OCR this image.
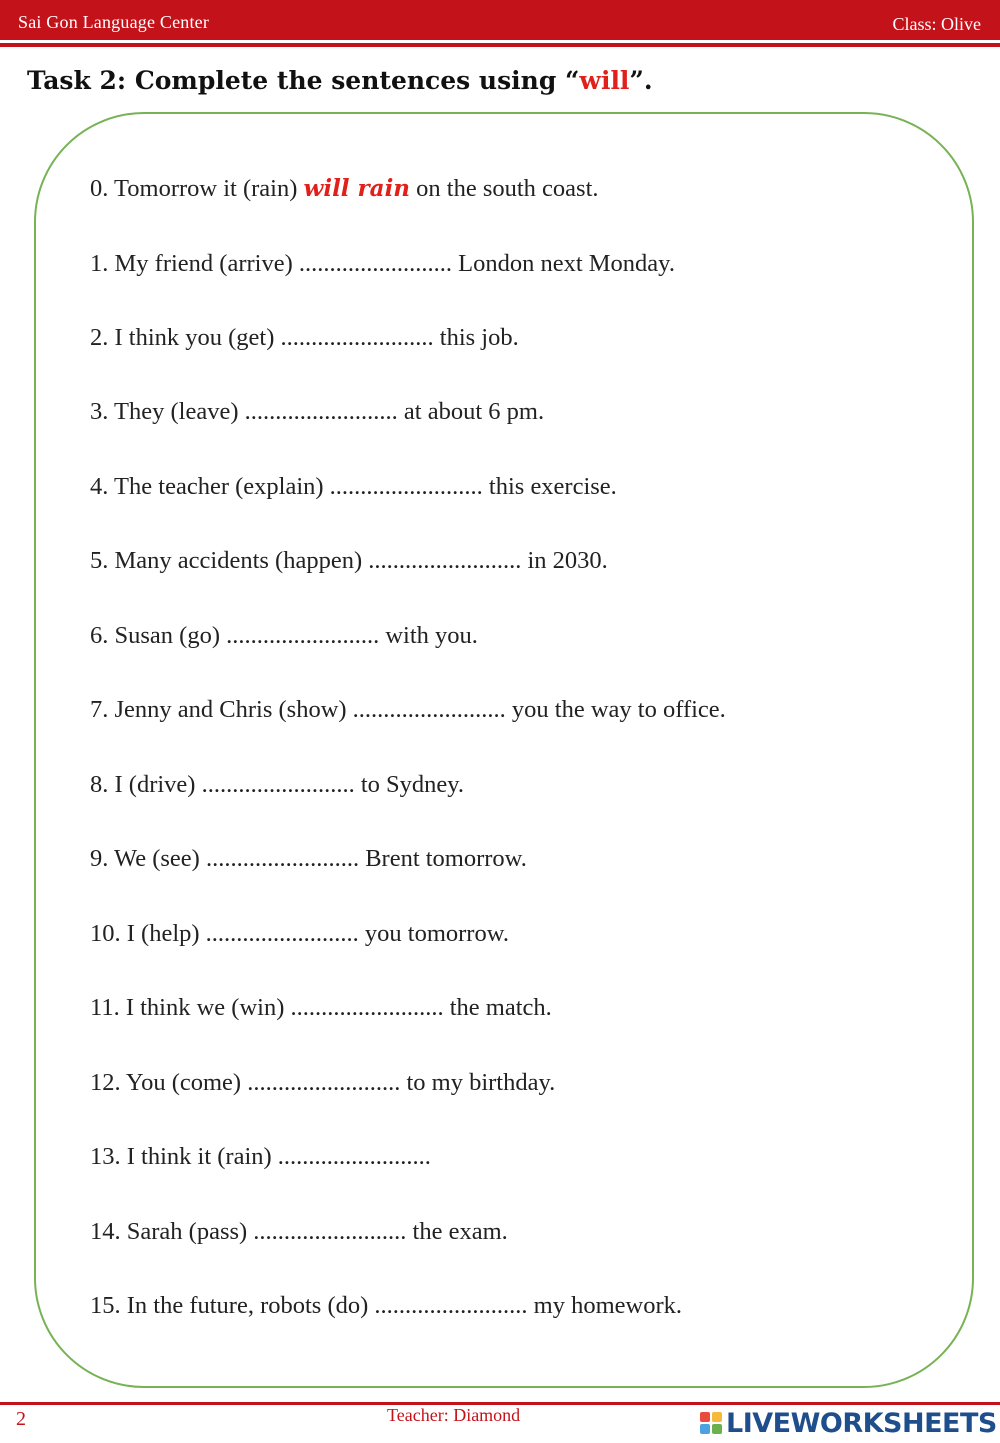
Sai Gon Language Center	Class: Olive
Task 2: Complete the sentences using “will”.
0. Tomorrow it (rain) will rain on the south coast.
1. My friend (arrive) ......................... London next Monday.
2. I think you (get) ......................... this job.
3. They (leave) ......................... at about 6 pm.
4. The teacher (explain) ......................... this exercise.
5. Many accidents (happen) ......................... in 2030.
6. Susan (go) ......................... with you.
7. Jenny and Chris (show) ......................... you the way to office.
8. I (drive) ......................... to Sydney.
9. We (see) ......................... Brent tomorrow.
10. I (help) ......................... you tomorrow.
11. I think we (win) ......................... the match.
12. You (come) ......................... to my birthday.
13. I think it (rain) .........................
14. Sarah (pass) ......................... the exam.
15. In the future, robots (do) ......................... my homework.
2	Teacher: Diamond	LIVEWORKSHEETS
